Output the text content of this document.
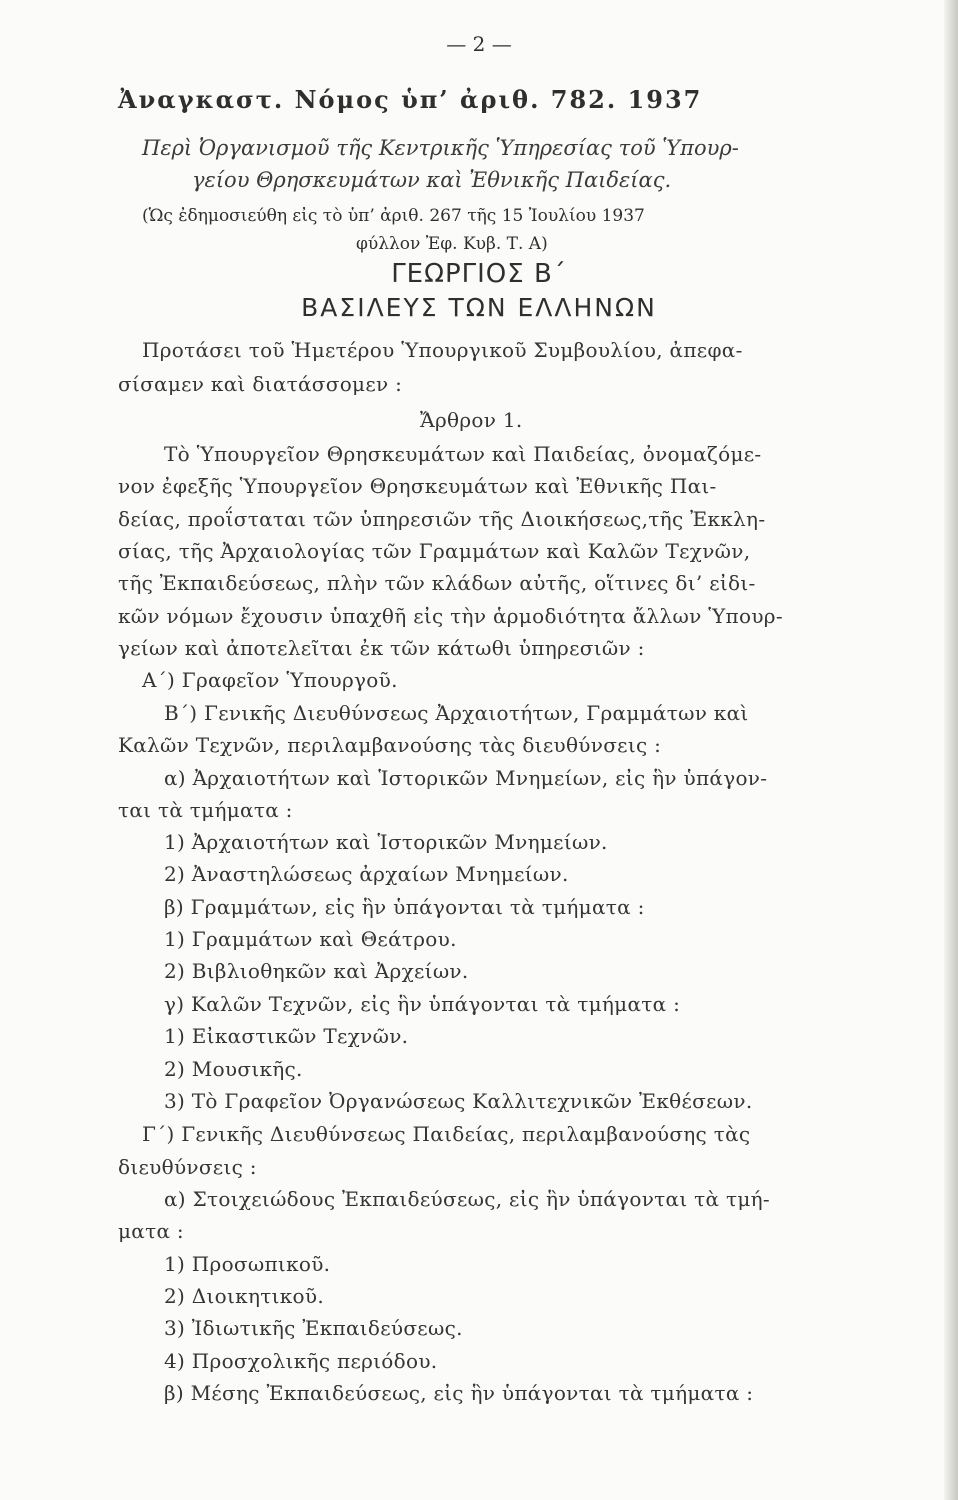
— 2 —
Ἀναγκαστ. Νόμος ὑπ’ ἀριθ. 782. 1937
Περὶ Ὀργανισμοῦ τῆς Κεντρικῆς Ὑπηρεσίας τοῦ Ὑπουρ-
γείου Θρησκευμάτων καὶ Ἐθνικῆς Παιδείας.
(Ὡς ἐδημοσιεύθη εἰς τὸ ὑπ’ ἀριθ. 267 τῆς 15 Ἰουλίου 1937
φύλλον Ἐφ. Κυβ. Τ. Α)
ΓΕΩΡΓΙΟΣ Β΄
ΒΑΣΙΛΕΥΣ ΤΩΝ ΕΛΛΗΝΩΝ
Προτάσει τοῦ Ἡμετέρου Ὑπουργικοῦ Συμβουλίου, ἀπεφα-
σίσαμεν καὶ διατάσσομεν :
Ἄρθρον 1.
Τὸ Ὑπουργεῖον Θρησκευμάτων καὶ Παιδείας, ὀνομαζόμε-
νον ἐφεξῆς Ὑπουργεῖον Θρησκευμάτων καὶ Ἐθνικῆς Παι-
δείας, προΐσταται τῶν ὑπηρεσιῶν τῆς Διοικήσεως,τῆς Ἐκκλη-
σίας, τῆς Ἀρχαιολογίας τῶν Γραμμάτων καὶ Καλῶν Τεχνῶν,
τῆς Ἐκπαιδεύσεως, πλὴν τῶν κλάδων αὐτῆς, οἵτινες δι’ εἰδι-
κῶν νόμων ἔχουσιν ὑπαχθῆ εἰς τὴν ἁρμοδιότητα ἄλλων Ὑπουρ-
γείων καὶ ἀποτελεῖται ἐκ τῶν κάτωθι ὑπηρεσιῶν :
Α΄) Γραφεῖον Ὑπουργοῦ.
Β΄) Γενικῆς Διευθύνσεως Ἀρχαιοτήτων, Γραμμάτων καὶ
Καλῶν Τεχνῶν, περιλαμβανούσης τὰς διευθύνσεις :
α) Ἀρχαιοτήτων καὶ Ἱστορικῶν Μνημείων, εἰς ἣν ὑπάγον-
ται τὰ τμήματα :
1) Ἀρχαιοτήτων καὶ Ἱστορικῶν Μνημείων.
2) Ἀναστηλώσεως ἀρχαίων Μνημείων.
β) Γραμμάτων, εἰς ἣν ὑπάγονται τὰ τμήματα :
1) Γραμμάτων καὶ Θεάτρου.
2) Βιβλιοθηκῶν καὶ Ἀρχείων.
γ) Καλῶν Τεχνῶν, εἰς ἣν ὑπάγονται τὰ τμήματα :
1) Εἰκαστικῶν Τεχνῶν.
2) Μουσικῆς.
3) Τὸ Γραφεῖον Ὀργανώσεως Καλλιτεχνικῶν Ἐκθέσεων.
Γ΄) Γενικῆς Διευθύνσεως Παιδείας, περιλαμβανούσης τὰς
διευθύνσεις :
α) Στοιχειώδους Ἐκπαιδεύσεως, εἰς ἣν ὑπάγονται τὰ τμή-
ματα :
1) Προσωπικοῦ.
2) Διοικητικοῦ.
3) Ἰδιωτικῆς Ἐκπαιδεύσεως.
4) Προσχολικῆς περιόδου.
β) Μέσης Ἐκπαιδεύσεως, εἰς ἣν ὑπάγονται τὰ τμήματα :
